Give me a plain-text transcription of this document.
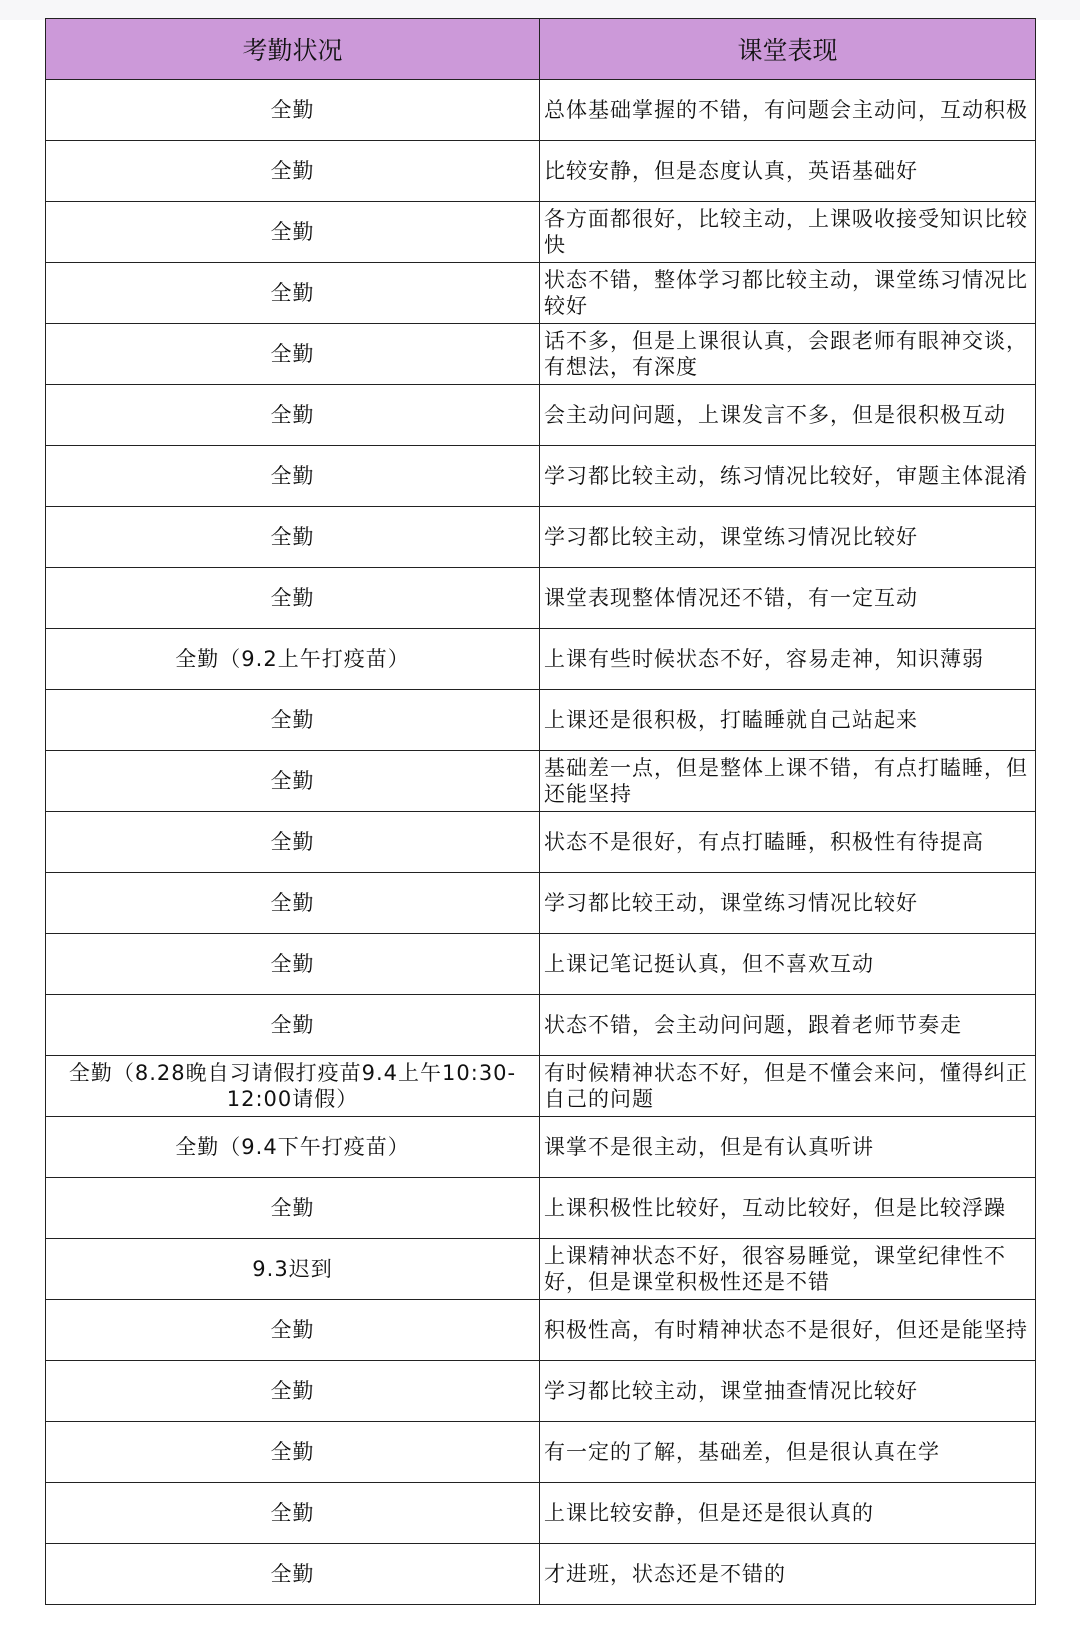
考勤状况	课堂表现
全勤	总体基础掌握的不错，有问题会主动问，互动积极
全勤	比较安静，但是态度认真，英语基础好
全勤	各方面都很好，比较主动，上课吸收接受知识比较快
全勤	状态不错，整体学习都比较主动，课堂练习情况比较好
全勤	话不多，但是上课很认真，会跟老师有眼神交谈，有想法，有深度
全勤	会主动问问题，上课发言不多，但是很积极互动
全勤	学习都比较主动，练习情况比较好，审题主体混淆
全勤	学习都比较主动，课堂练习情况比较好
全勤	课堂表现整体情况还不错，有一定互动
全勤（9.2上午打疫苗）	上课有些时候状态不好，容易走神，知识薄弱
全勤	上课还是很积极，打瞌睡就自己站起来
全勤	基础差一点，但是整体上课不错，有点打瞌睡，但还能坚持
全勤	状态不是很好，有点打瞌睡，积极性有待提高
全勤	学习都比较王动，课堂练习情况比较好
全勤	上课记笔记挺认真，但不喜欢互动
全勤	状态不错，会主动问问题，跟着老师节奏走
全勤（8.28晚自习请假打疫苗9.4上午10:30-12:00请假）	有时候精神状态不好，但是不懂会来问，懂得纠正自己的问题
全勤（9.4下午打疫苗）	课掌不是很主动，但是有认真听讲
全勤	上课积极性比较好，互动比较好，但是比较浮躁
9.3迟到	上课精神状态不好，很容易睡觉，课堂纪律性不好，但是课堂积极性还是不错
全勤	积极性高，有时精神状态不是很好，但还是能坚持
全勤	学习都比较主动，课堂抽查情况比较好
全勤	有一定的了解，基础差，但是很认真在学
全勤	上课比较安静，但是还是很认真的
全勤	才进班，状态还是不错的
